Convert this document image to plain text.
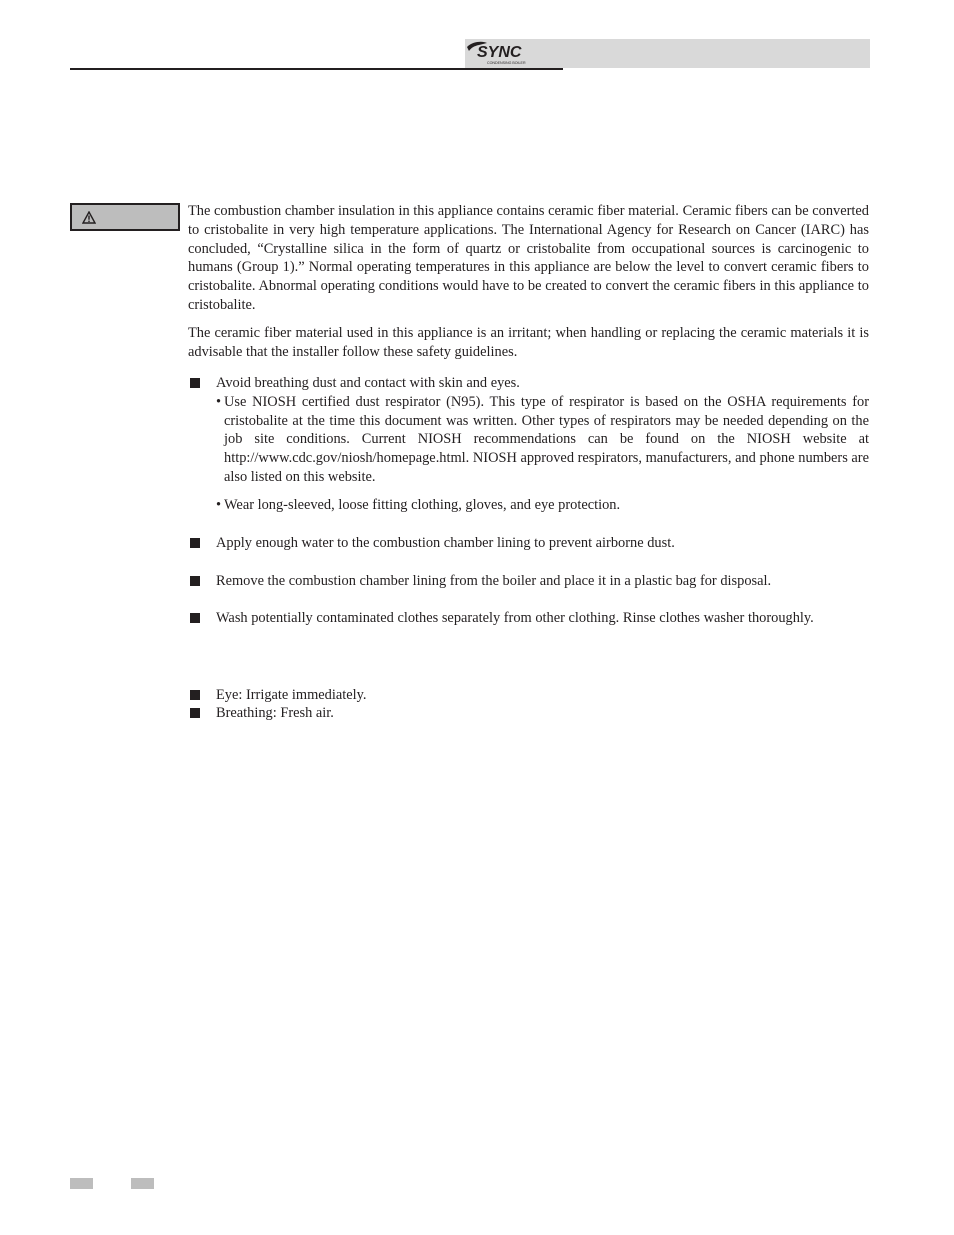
SYNC
CONDENSING BOILER

The combustion chamber insulation in this appliance contains ceramic fiber material. Ceramic fibers can be converted to cristobalite in very high temperature applications. The International Agency for Research on Cancer (IARC) has concluded, “Crystalline silica in the form of quartz or cristobalite from occupational sources is carcinogenic to humans (Group 1).” Normal operating temperatures in this appliance are below the level to convert ceramic fibers to cristobalite. Abnormal operating conditions would have to be created to convert the ceramic fibers in this appliance to cristobalite.

The ceramic fiber material used in this appliance is an irritant; when handling or replacing the ceramic materials it is advisable that the installer follow these safety guidelines.

Avoid breathing dust and contact with skin and eyes.
• Use NIOSH certified dust respirator (N95). This type of respirator is based on the OSHA requirements for cristobalite at the time this document was written. Other types of respirators may be needed depending on the job site conditions. Current NIOSH recommendations can be found on the NIOSH website at http://www.cdc.gov/niosh/homepage.html. NIOSH approved respirators, manufacturers, and phone numbers are also listed on this website.
• Wear long-sleeved, loose fitting clothing, gloves, and eye protection.
Apply enough water to the combustion chamber lining to prevent airborne dust.
Remove the combustion chamber lining from the boiler and place it in a plastic bag for disposal.
Wash potentially contaminated clothes separately from other clothing. Rinse clothes washer thoroughly.
Eye: Irrigate immediately.
Breathing: Fresh air.
